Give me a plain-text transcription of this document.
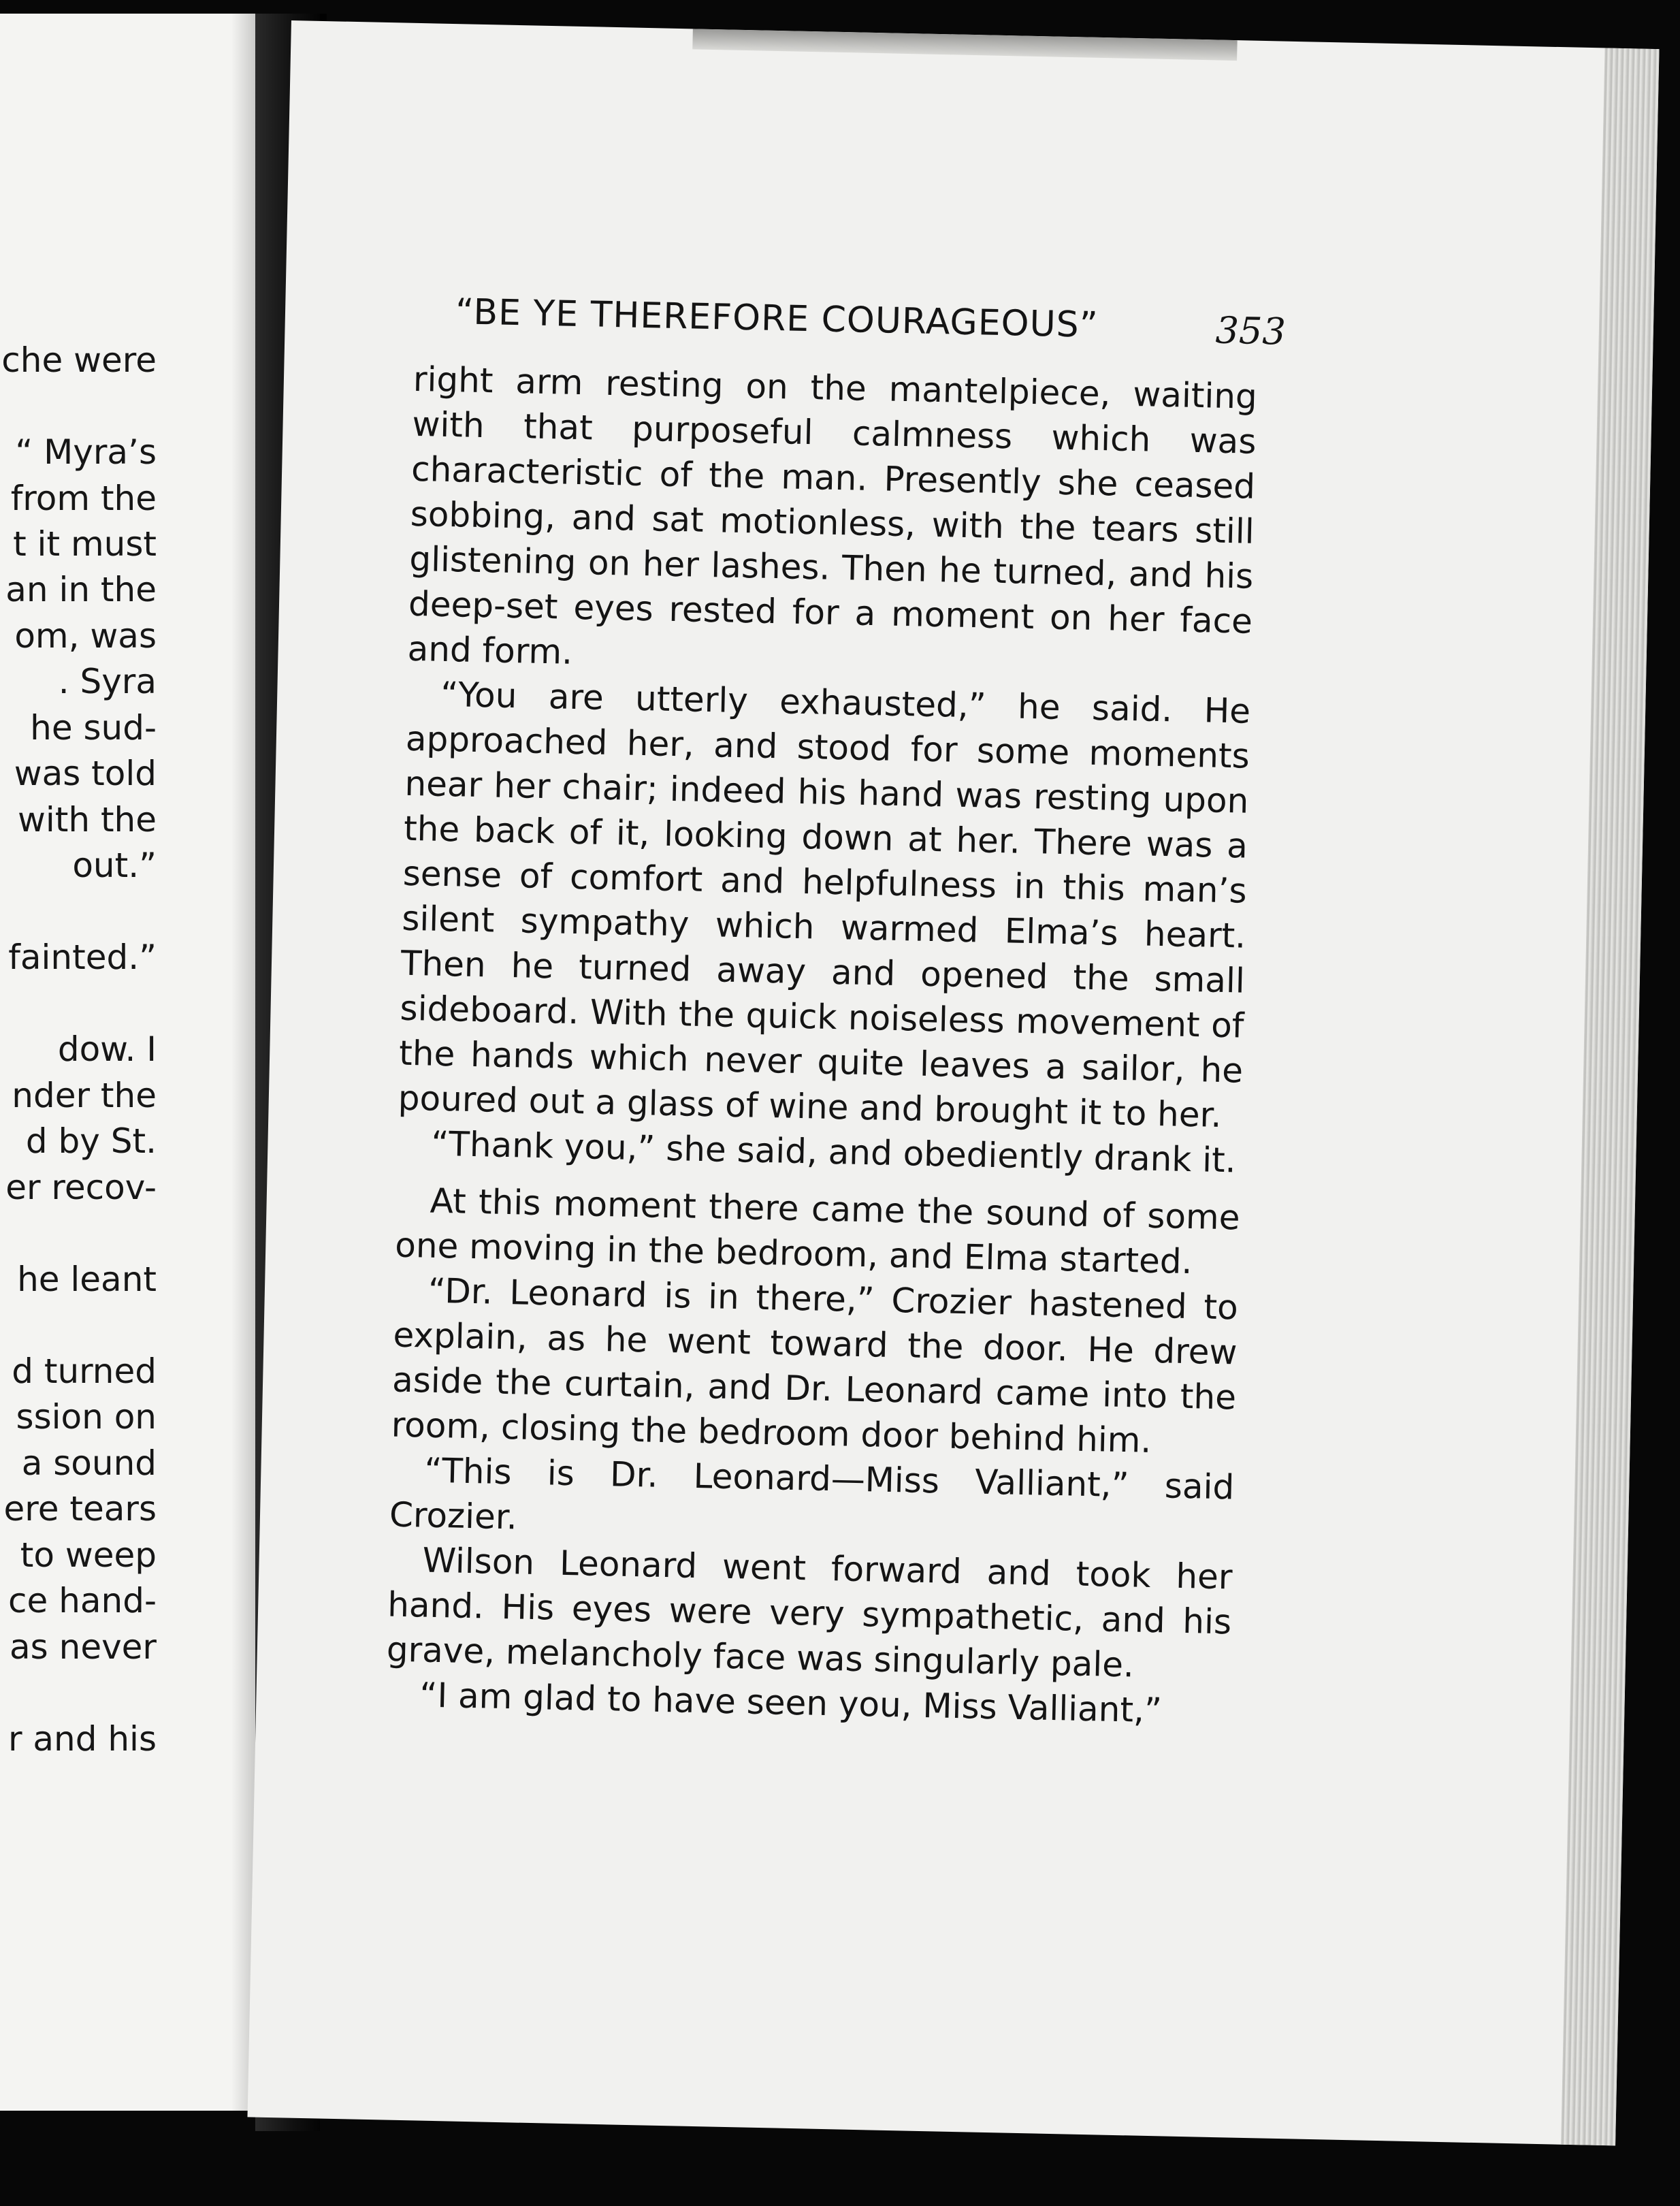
che were
“ Myra’s
from the
t it must
an in the
om, was
. Syra
he sud-
was told
with the
out.”
fainted.”
dow. I
nder the
d by St.
er recov-
he leant
d turned
ssion on
a sound
ere tears
to weep
ce hand-
as never
r and his
“BE YE THEREFORE COURAGEOUS”	353

right arm resting on the mantelpiece, waiting with that purposeful calmness which was characteristic of the man. Presently she ceased sobbing, and sat motionless, with the tears still glistening on her lashes. Then he turned, and his deep-set eyes rested for a moment on her face and form.

“You are utterly exhausted,” he said. He approached her, and stood for some moments near her chair; indeed his hand was resting upon the back of it, looking down at her. There was a sense of comfort and helpfulness in this man’s silent sympathy which warmed Elma’s heart. Then he turned away and opened the small sideboard. With the quick noiseless movement of the hands which never quite leaves a sailor, he poured out a glass of wine and brought it to her.

“Thank you,” she said, and obediently drank it.

At this moment there came the sound of some one moving in the bedroom, and Elma started.

“Dr. Leonard is in there,” Crozier hastened to explain, as he went toward the door. He drew aside the curtain, and Dr. Leonard came into the room, closing the bedroom door behind him.

“This is Dr. Leonard—Miss Valliant,” said Crozier.

Wilson Leonard went forward and took her hand. His eyes were very sympathetic, and his grave, melancholy face was singularly pale.

“I am glad to have seen you, Miss Valliant,”
